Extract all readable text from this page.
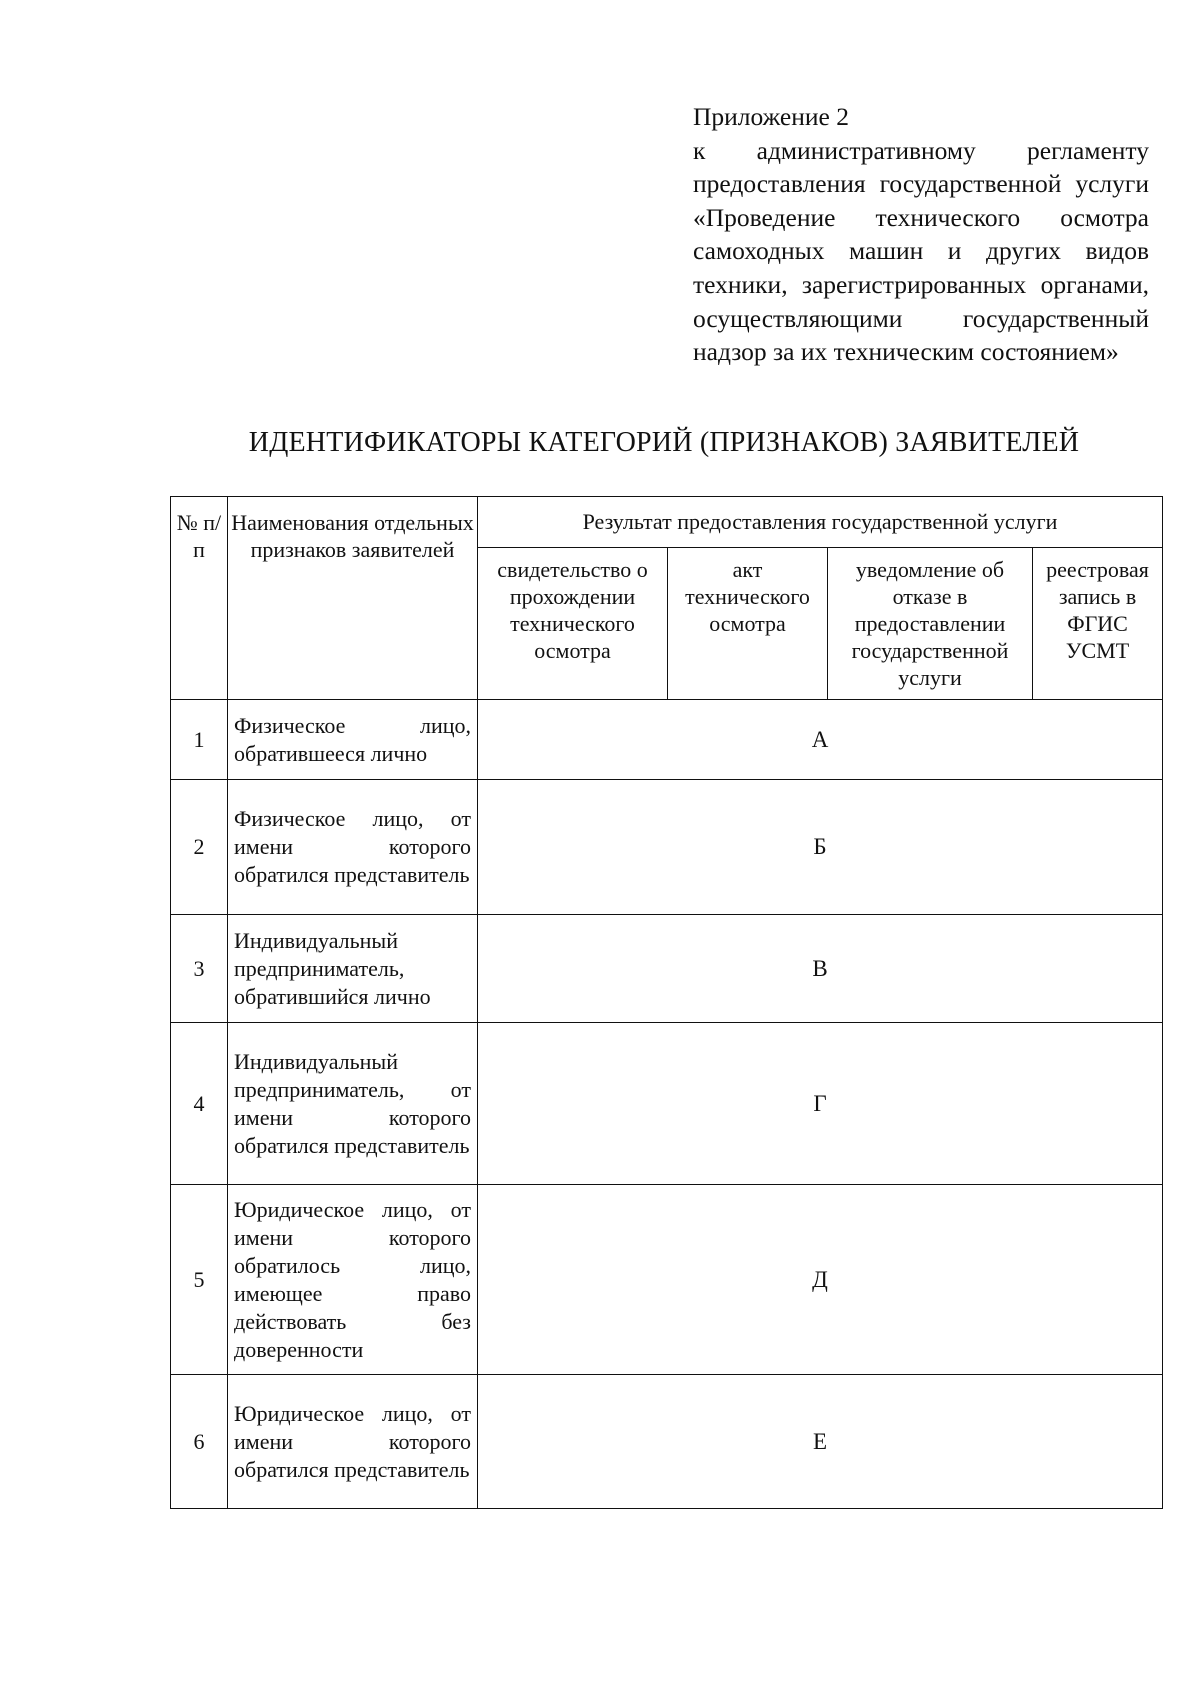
Приложение 2
к административному регламенту предоставления государственной услуги «Проведение технического осмотра самоходных машин и других видов техники, зарегистрированных органами, осуществляющими государственный надзор за их техническим состоянием»
ИДЕНТИФИКАТОРЫ КАТЕГОРИЙ (ПРИЗНАКОВ) ЗАЯВИТЕЛЕЙ
№ п/п	Наименования отдельных признаков заявителей	Результат предоставления государственной услуги			
		свидетельство о прохождении технического осмотра	акт технического осмотра	уведомление об отказе в предоставлении государственной услуги	реестровая запись в ФГИС УСМТ
1	Физическое лицо, обратившееся лично	А			
2	Физическое лицо, от имени которого обратился представитель	Б			
3	Индивидуальный предприниматель, обратившийся лично	В			
4	Индивидуальный предприниматель, от имени которого обратился представитель	Г			
5	Юридическое лицо, от имени которого обратилось лицо, имеющее право действовать без доверенности	Д			
6	Юридическое лицо, от имени которого обратился представитель	Е			
